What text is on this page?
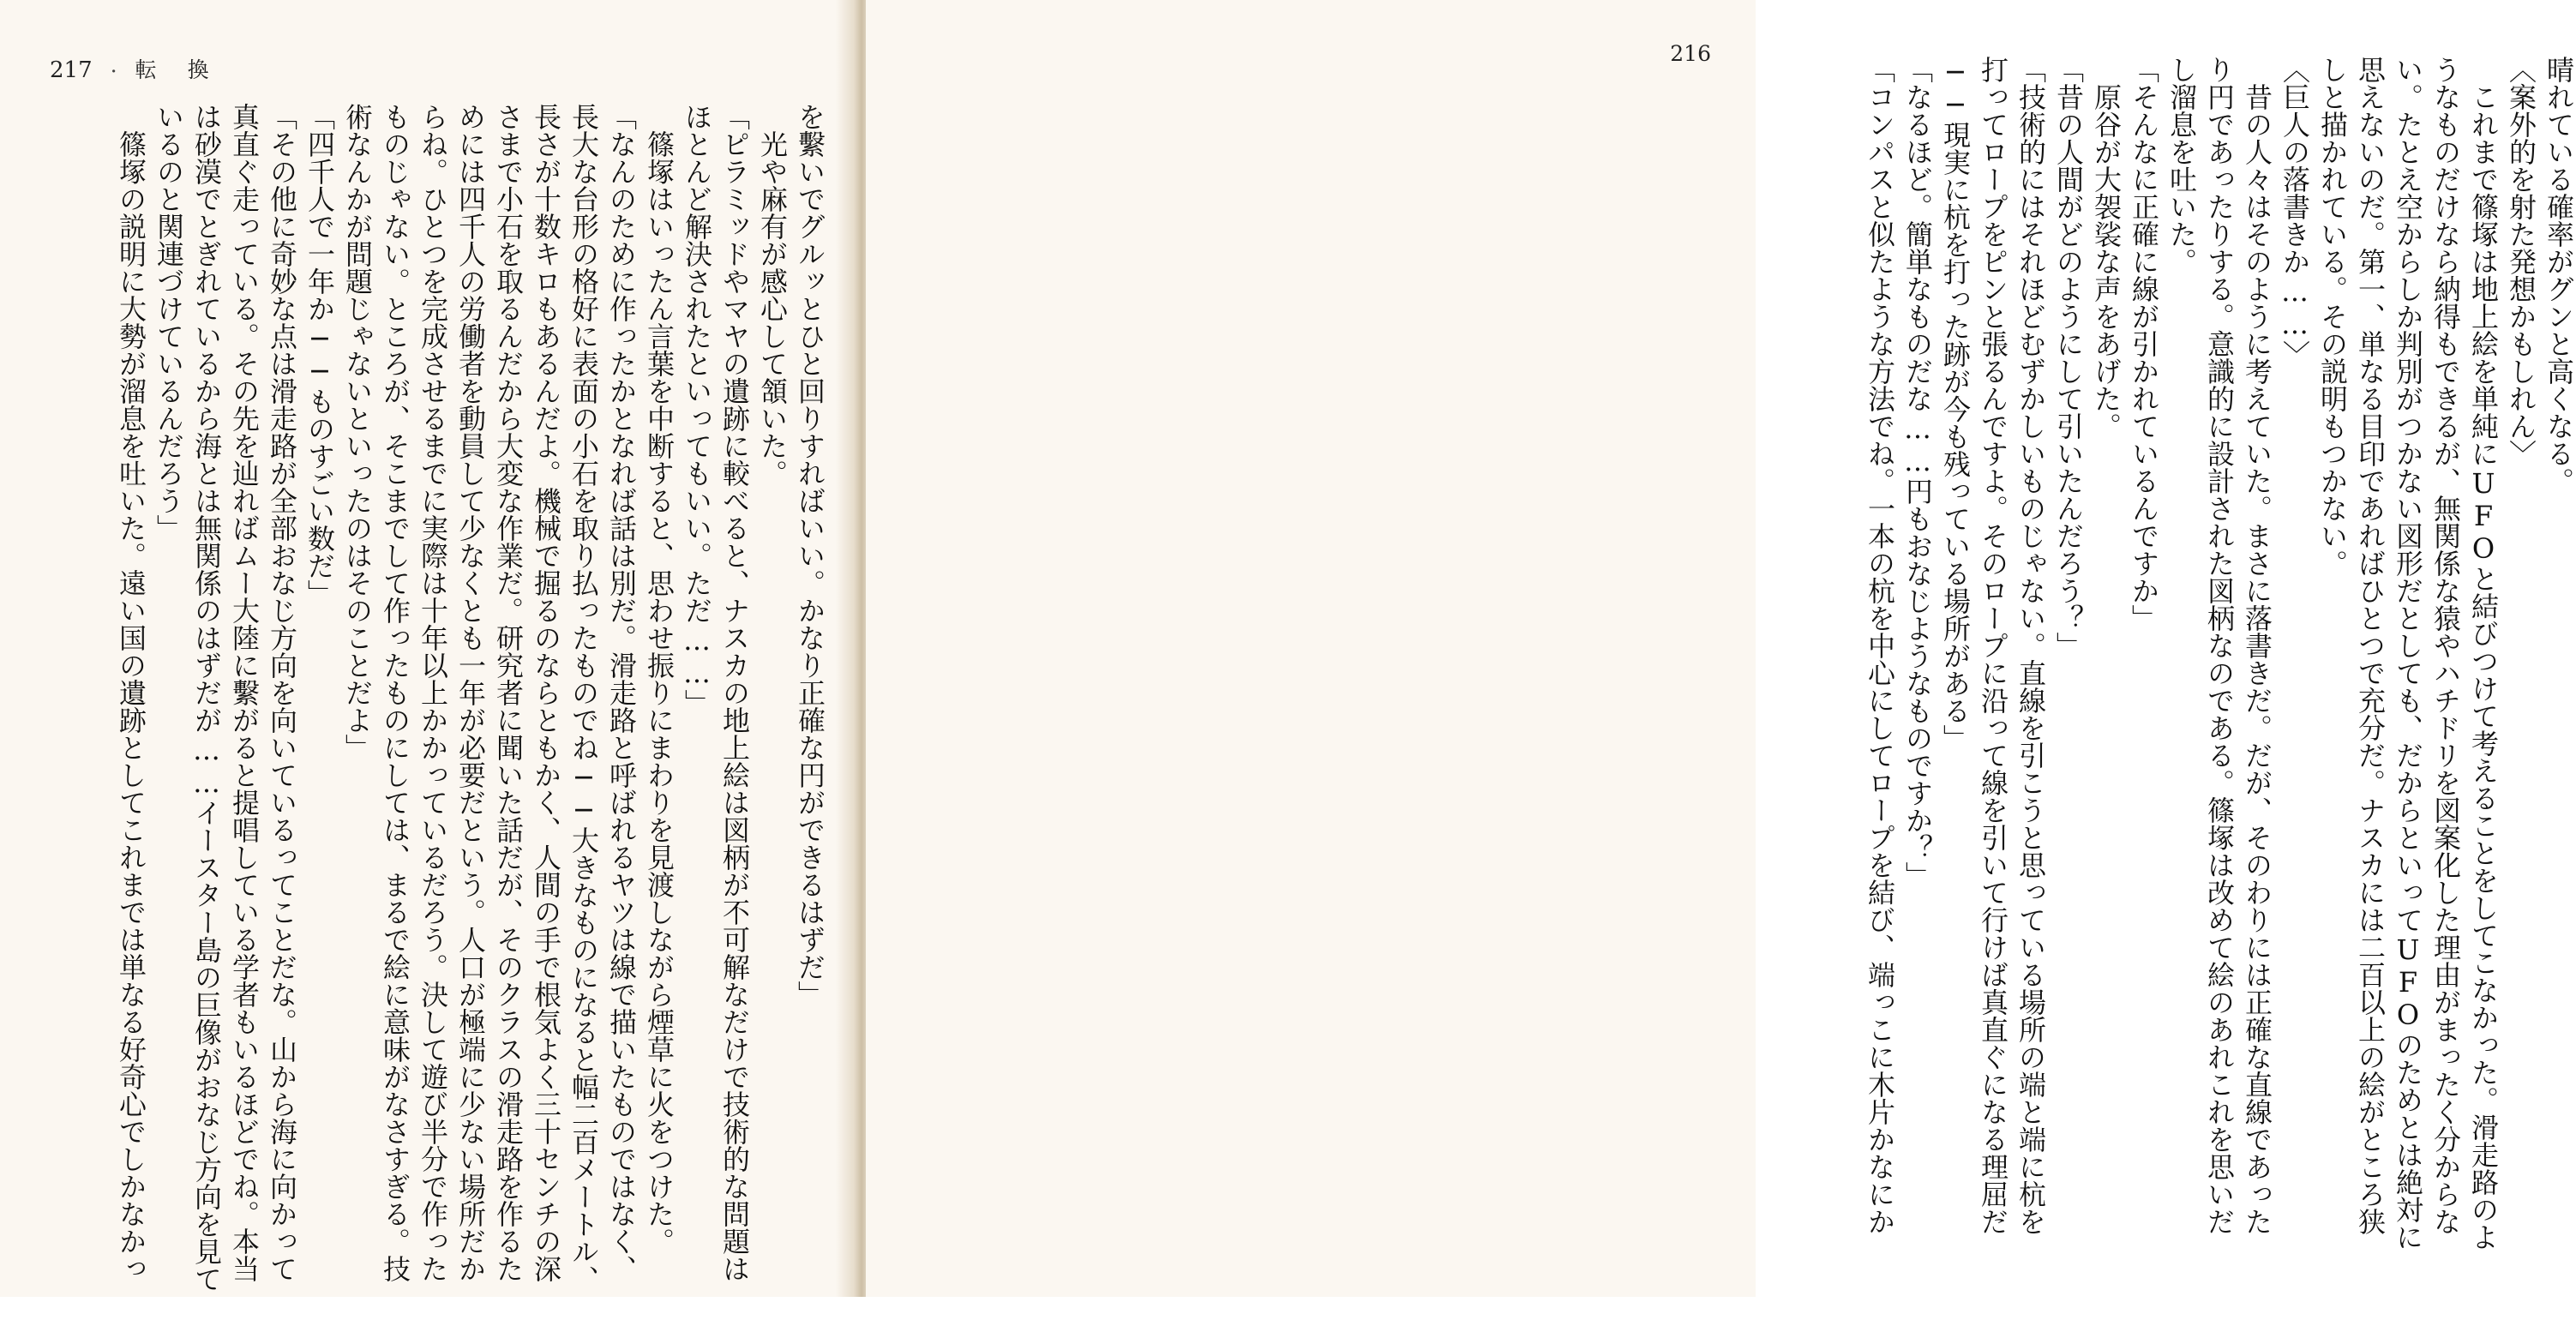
217 ・ 転 換
を繫いでグルッとひと回りすればいい。かなり正確な円ができるはずだ」
　光や麻有が感心して頷いた。
「ピラミッドやマヤの遺跡に較べると、ナスカの地上絵は図柄が不可解なだけで技術的な問題は
ほとんど解決されたといってもいい。ただ……」
　篠塚はいったん言葉を中断すると、思わせ振りにまわりを見渡しながら煙草に火をつけた。
「なんのために作ったかとなれば話は別だ。滑走路と呼ばれるヤツは線で描いたものではなく、
長大な台形の格好に表面の小石を取り払ったものでね──大きなものになると幅二百メートル、
長さが十数キロもあるんだよ。機械で掘るのならともかく、人間の手で根気よく三十センチの深
さまで小石を取るんだから大変な作業だ。研究者に聞いた話だが、そのクラスの滑走路を作るた
めには四千人の労働者を動員して少なくとも一年が必要だという。人口が極端に少ない場所だか
らね。ひとつを完成させるまでに実際は十年以上かかっているだろう。決して遊び半分で作った
ものじゃない。ところが、そこまでして作ったものにしては、まるで絵に意味がなさすぎる。技
術なんかが問題じゃないといったのはそのことだよ」
「四千人で一年か──ものすごい数だ」
「その他に奇妙な点は滑走路が全部おなじ方向を向いているってことだな。山から海に向かって
真直ぐ走っている。その先を辿ればムー大陸に繫がると提唱している学者もいるほどでね。本当
は砂漠でとぎれているから海とは無関係のはずだが……イースター島の巨像がおなじ方向を見て
いるのと関連づけているんだろう」
　篠塚の説明に大勢が溜息を吐いた。遠い国の遺跡としてこれまでは単なる好奇心でしかなかっ
216
晴れている確率がグンと高くなる。
〈案外的を射た発想かもしれん〉
　これまで篠塚は地上絵を単純にUFOと結びつけて考えることをしてこなかった。滑走路のよ
うなものだけなら納得もできるが、無関係な猿やハチドリを図案化した理由がまったく分からな
い。たとえ空からしか判別がつかない図形だとしても、だからといってUFOのためとは絶対に
思えないのだ。第一、単なる目印であればひとつで充分だ。ナスカには二百以上の絵がところ狭
しと描かれている。その説明もつかない。
〈巨人の落書きか……〉
　昔の人々はそのように考えていた。まさに落書きだ。だが、そのわりには正確な直線であった
り円であったりする。意識的に設計された図柄なのである。篠塚は改めて絵のあれこれを思いだ
し溜息を吐いた。
「そんなに正確に線が引かれているんですか」
　原谷が大袈裟な声をあげた。
「昔の人間がどのようにして引いたんだろう？」
「技術的にはそれほどむずかしいものじゃない。直線を引こうと思っている場所の端と端に杭を
打ってロープをピンと張るんですよ。そのロープに沿って線を引いて行けば真直ぐになる理屈だ
──現実に杭を打った跡が今も残っている場所がある」
「なるほど。簡単なものだな……円もおなじようなものですか？」
「コンパスと似たような方法でね。一本の杭を中心にしてロープを結び、端っこに木片かなにか
